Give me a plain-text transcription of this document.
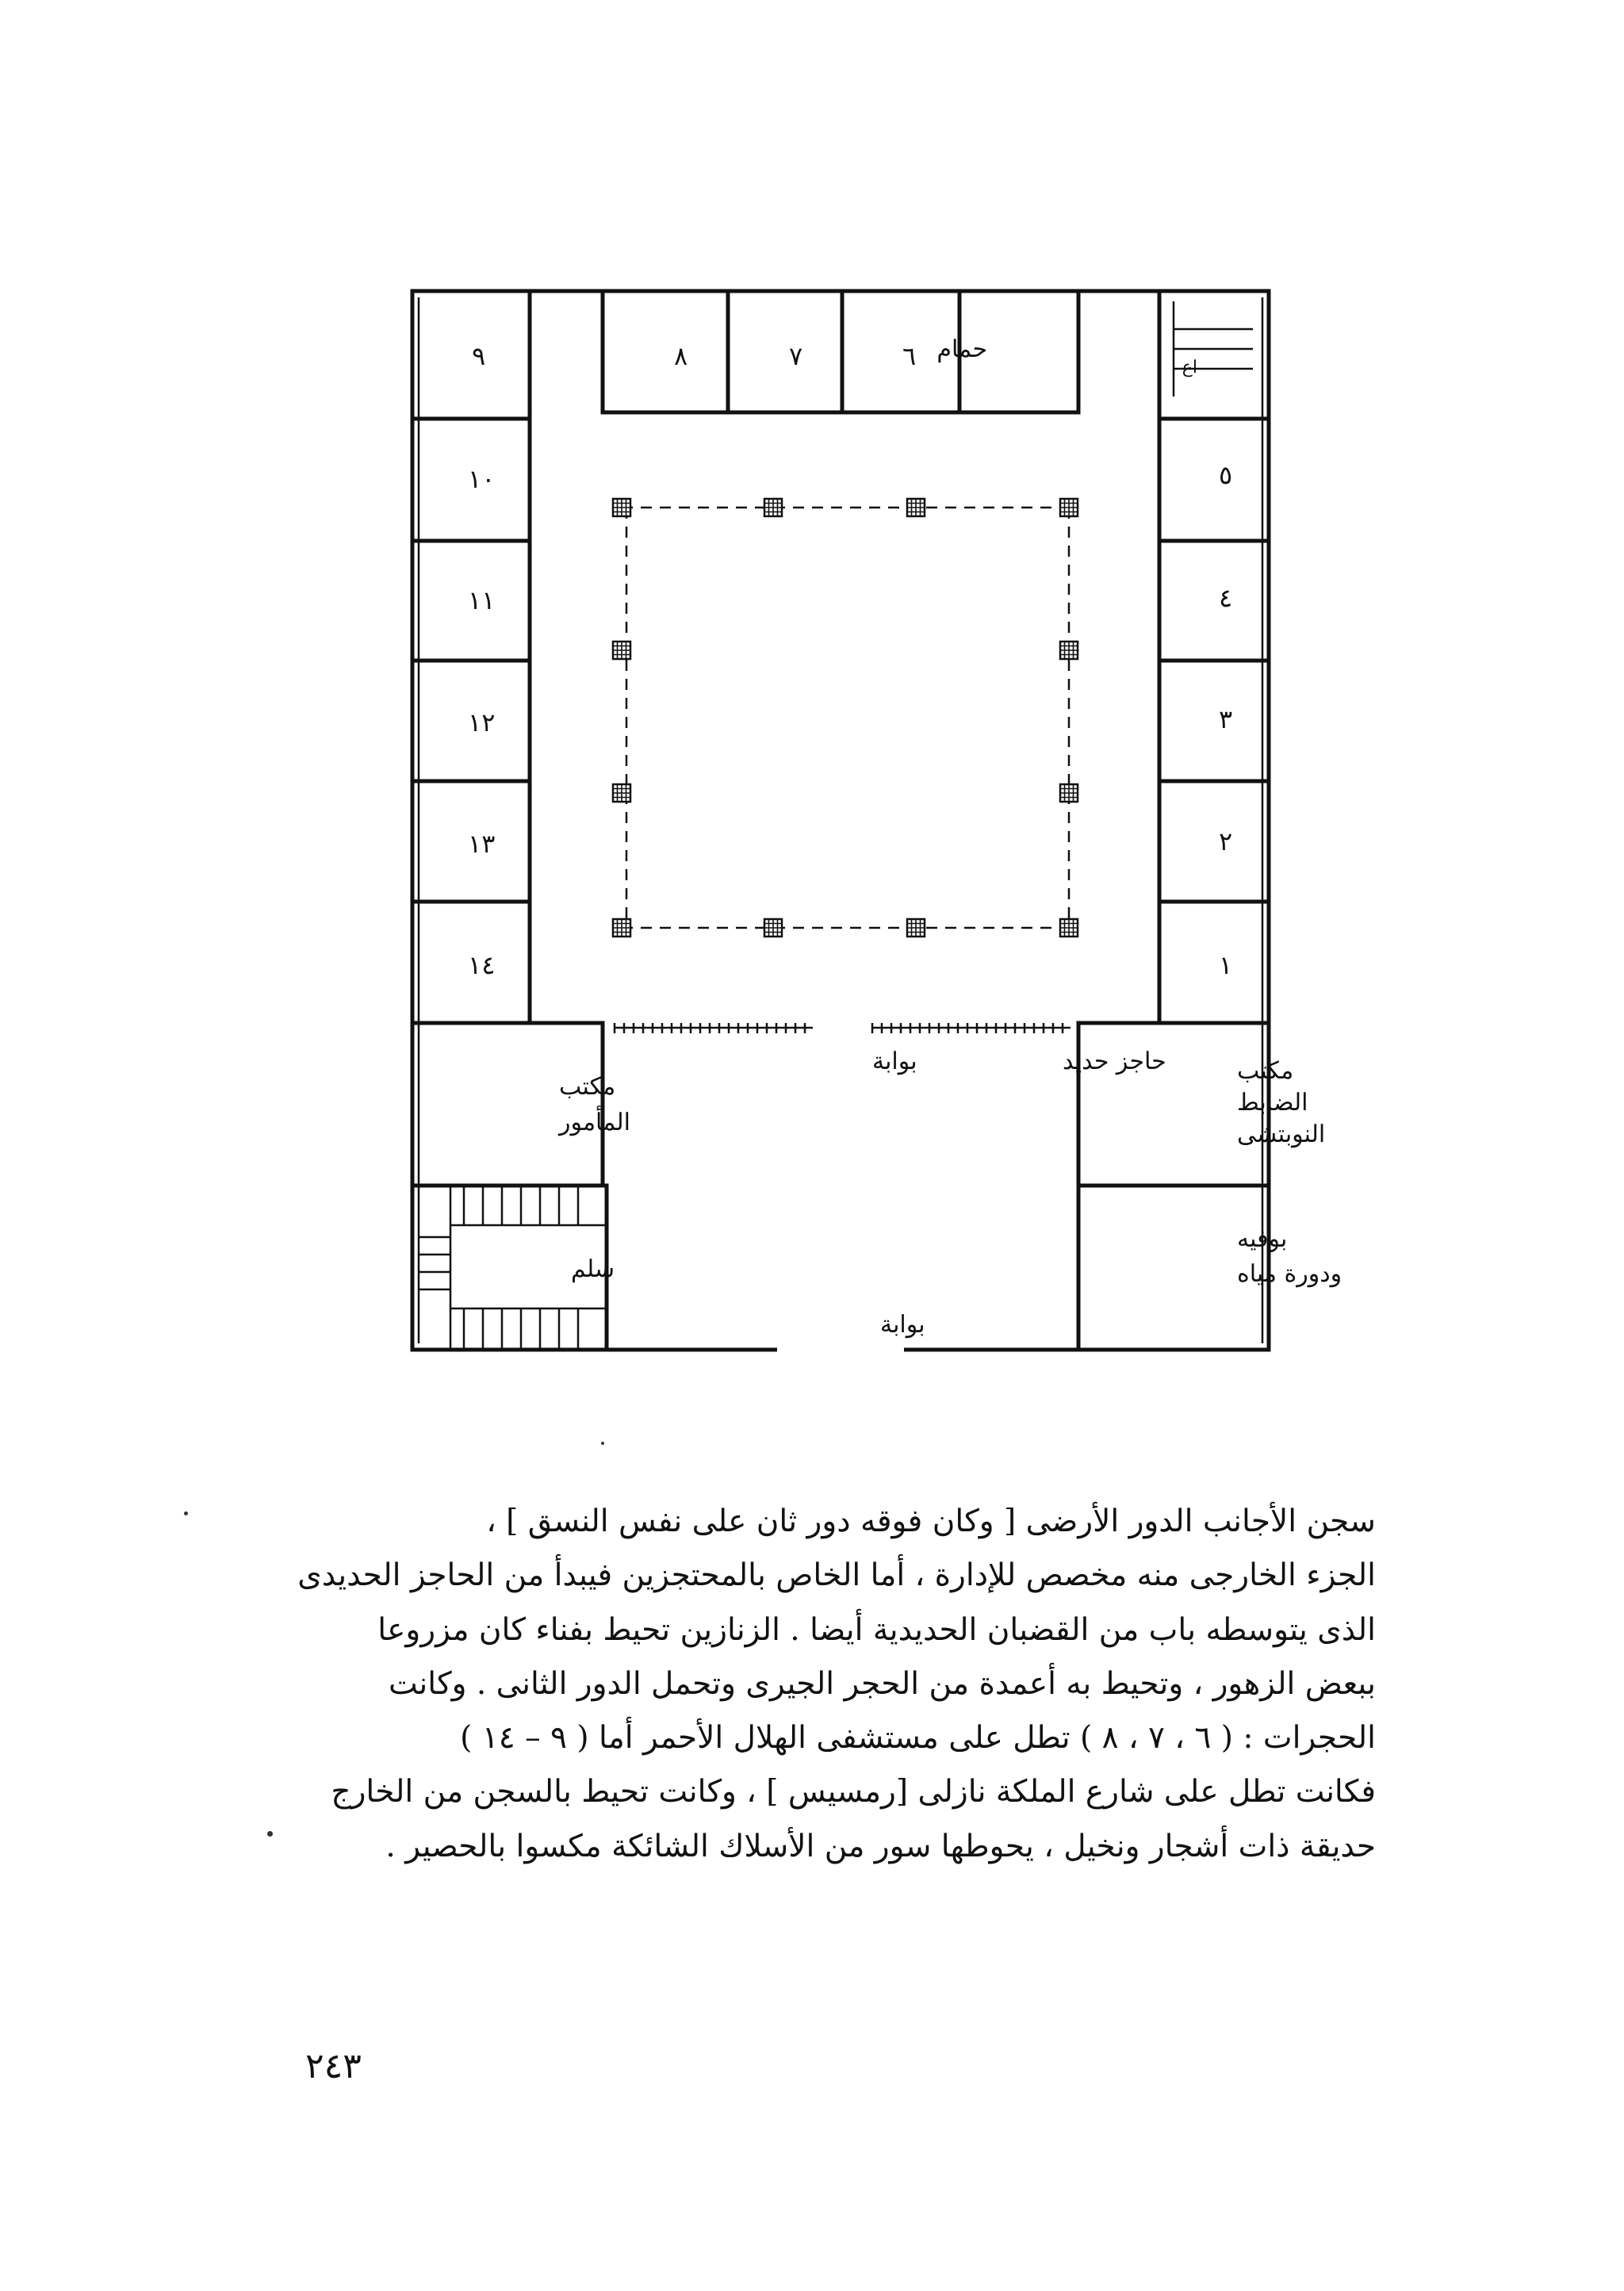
٩
١٠
١١
١٢
١٣
١٤
٥
٤
٣
٢
١
٨	٧	٦ حمام
اع
حاجز حديد
بوابة
بوابة
مكتب
الضابط
النوبتشى
مكتب
المأمور
بوفيه
ودورة مياه
سلم

سجن الأجانب الدور الأرضى [ وكان فوقه دور ثان على نفس النسق ] ،

الجزء الخارجى منه مخصص للإدارة ، أما الخاص بالمحتجزين فيبدأ من الحاجز الحديدى

الذى يتوسطه باب من القضبان الحديدية أيضا . الزنازين تحيط بفناء كان مزروعا

ببعض الزهور ، وتحيط به أعمدة من الحجر الجيرى وتحمل الدور الثانى . وكانت

الحجرات : ( ٦ ، ٧ ، ٨ ) تطل على مستشفى الهلال الأحمر أما ( ٩ – ١٤ )

فكانت تطل على شارع الملكة نازلى [رمسيس ] ، وكانت تحيط بالسجن من الخارج

حديقة ذات أشجار ونخيل ، يحوطها سور من الأسلاك الشائكة مكسوا بالحصير .

٢٤٣
